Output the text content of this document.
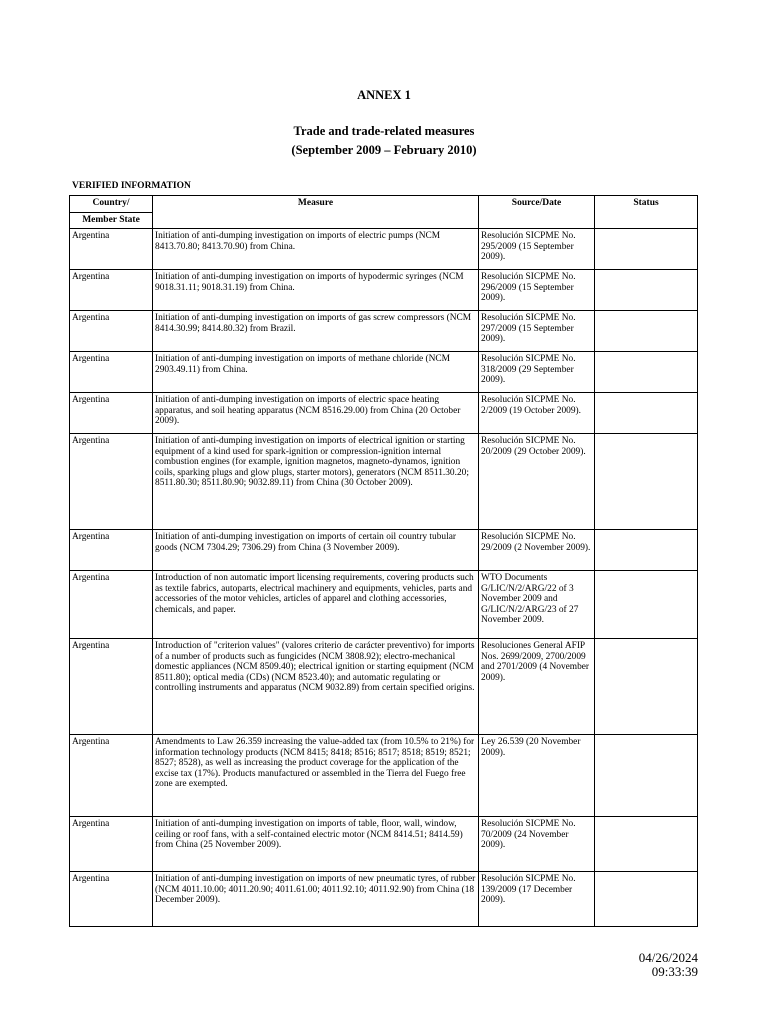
ANNEX 1
Trade and trade-related measures
(September 2009 – February 2010)
VERIFIED INFORMATION
Country/	Measure	Source/Date	Status
Member State			
Argentina	Initiation of anti-dumping investigation on imports of electric pumps (NCM 8413.70.80; 8413.70.90) from China.	Resolución SICPME No. 295/2009 (15 September 2009).	
Argentina	Initiation of anti-dumping investigation on imports of hypodermic syringes (NCM 9018.31.11; 9018.31.19) from China.	Resolución SICPME No. 296/2009 (15 September 2009).	
Argentina	Initiation of anti-dumping investigation on imports of gas screw compressors (NCM 8414.30.99; 8414.80.32) from Brazil.	Resolución SICPME No. 297/2009 (15 September 2009).	
Argentina	Initiation of anti-dumping investigation on imports of methane chloride (NCM 2903.49.11) from China.	Resolución SICPME No. 318/2009 (29 September 2009).	
Argentina	Initiation of anti-dumping investigation on imports of electric space heating apparatus, and soil heating apparatus (NCM 8516.29.00) from China (20 October 2009).	Resolución SICPME No. 2/2009 (19 October 2009).	
Argentina	Initiation of anti-dumping investigation on imports of electrical ignition or starting equipment of a kind used for spark-ignition or compression-ignition internal combustion engines (for example, ignition magnetos, magneto-dynamos, ignition coils, sparking plugs and glow plugs, starter motors), generators (NCM 8511.30.20; 8511.80.30; 8511.80.90; 9032.89.11) from China (30 October 2009).	Resolución SICPME No. 20/2009 (29 October 2009).	
Argentina	Initiation of anti-dumping investigation on imports of certain oil country tubular goods (NCM 7304.29; 7306.29) from China (3 November 2009).	Resolución SICPME No. 29/2009 (2 November 2009).	
Argentina	Introduction of non automatic import licensing requirements, covering products such as textile fabrics, autoparts, electrical machinery and equipments, vehicles, parts and accessories of the motor vehicles, articles of apparel and clothing accessories, chemicals, and paper.	WTO Documents G/LIC/N/2/ARG/22 of 3 November 2009 and G/LIC/N/2/ARG/23 of 27 November 2009.	
Argentina	Introduction of "criterion values" (valores criterio de carácter preventivo) for imports of a number of products such as fungicides (NCM 3808.92); electro-mechanical domestic appliances (NCM 8509.40); electrical ignition or starting equipment (NCM 8511.80); optical media (CDs) (NCM 8523.40); and automatic regulating or controlling instruments and apparatus (NCM 9032.89) from certain specified origins.	Resoluciones General AFIP Nos. 2699/2009, 2700/2009 and 2701/2009 (4 November 2009).	
Argentina	Amendments to Law 26.359 increasing the value-added tax (from 10.5% to 21%) for information technology products (NCM 8415; 8418; 8516; 8517; 8518; 8519; 8521; 8527; 8528), as well as increasing the product coverage for the application of the excise tax (17%). Products manufactured or assembled in the Tierra del Fuego free zone are exempted.	Ley 26.539 (20 November 2009).	
Argentina	Initiation of anti-dumping investigation on imports of table, floor, wall, window, ceiling or roof fans, with a self-contained electric motor (NCM 8414.51; 8414.59) from China (25 November 2009).	Resolución SICPME No. 70/2009 (24 November 2009).	
Argentina	Initiation of anti-dumping investigation on imports of new pneumatic tyres, of rubber (NCM 4011.10.00; 4011.20.90; 4011.61.00; 4011.92.10; 4011.92.90) from China (18 December 2009).	Resolución SICPME No. 139/2009 (17 December 2009).	
04/26/2024
09:33:39
